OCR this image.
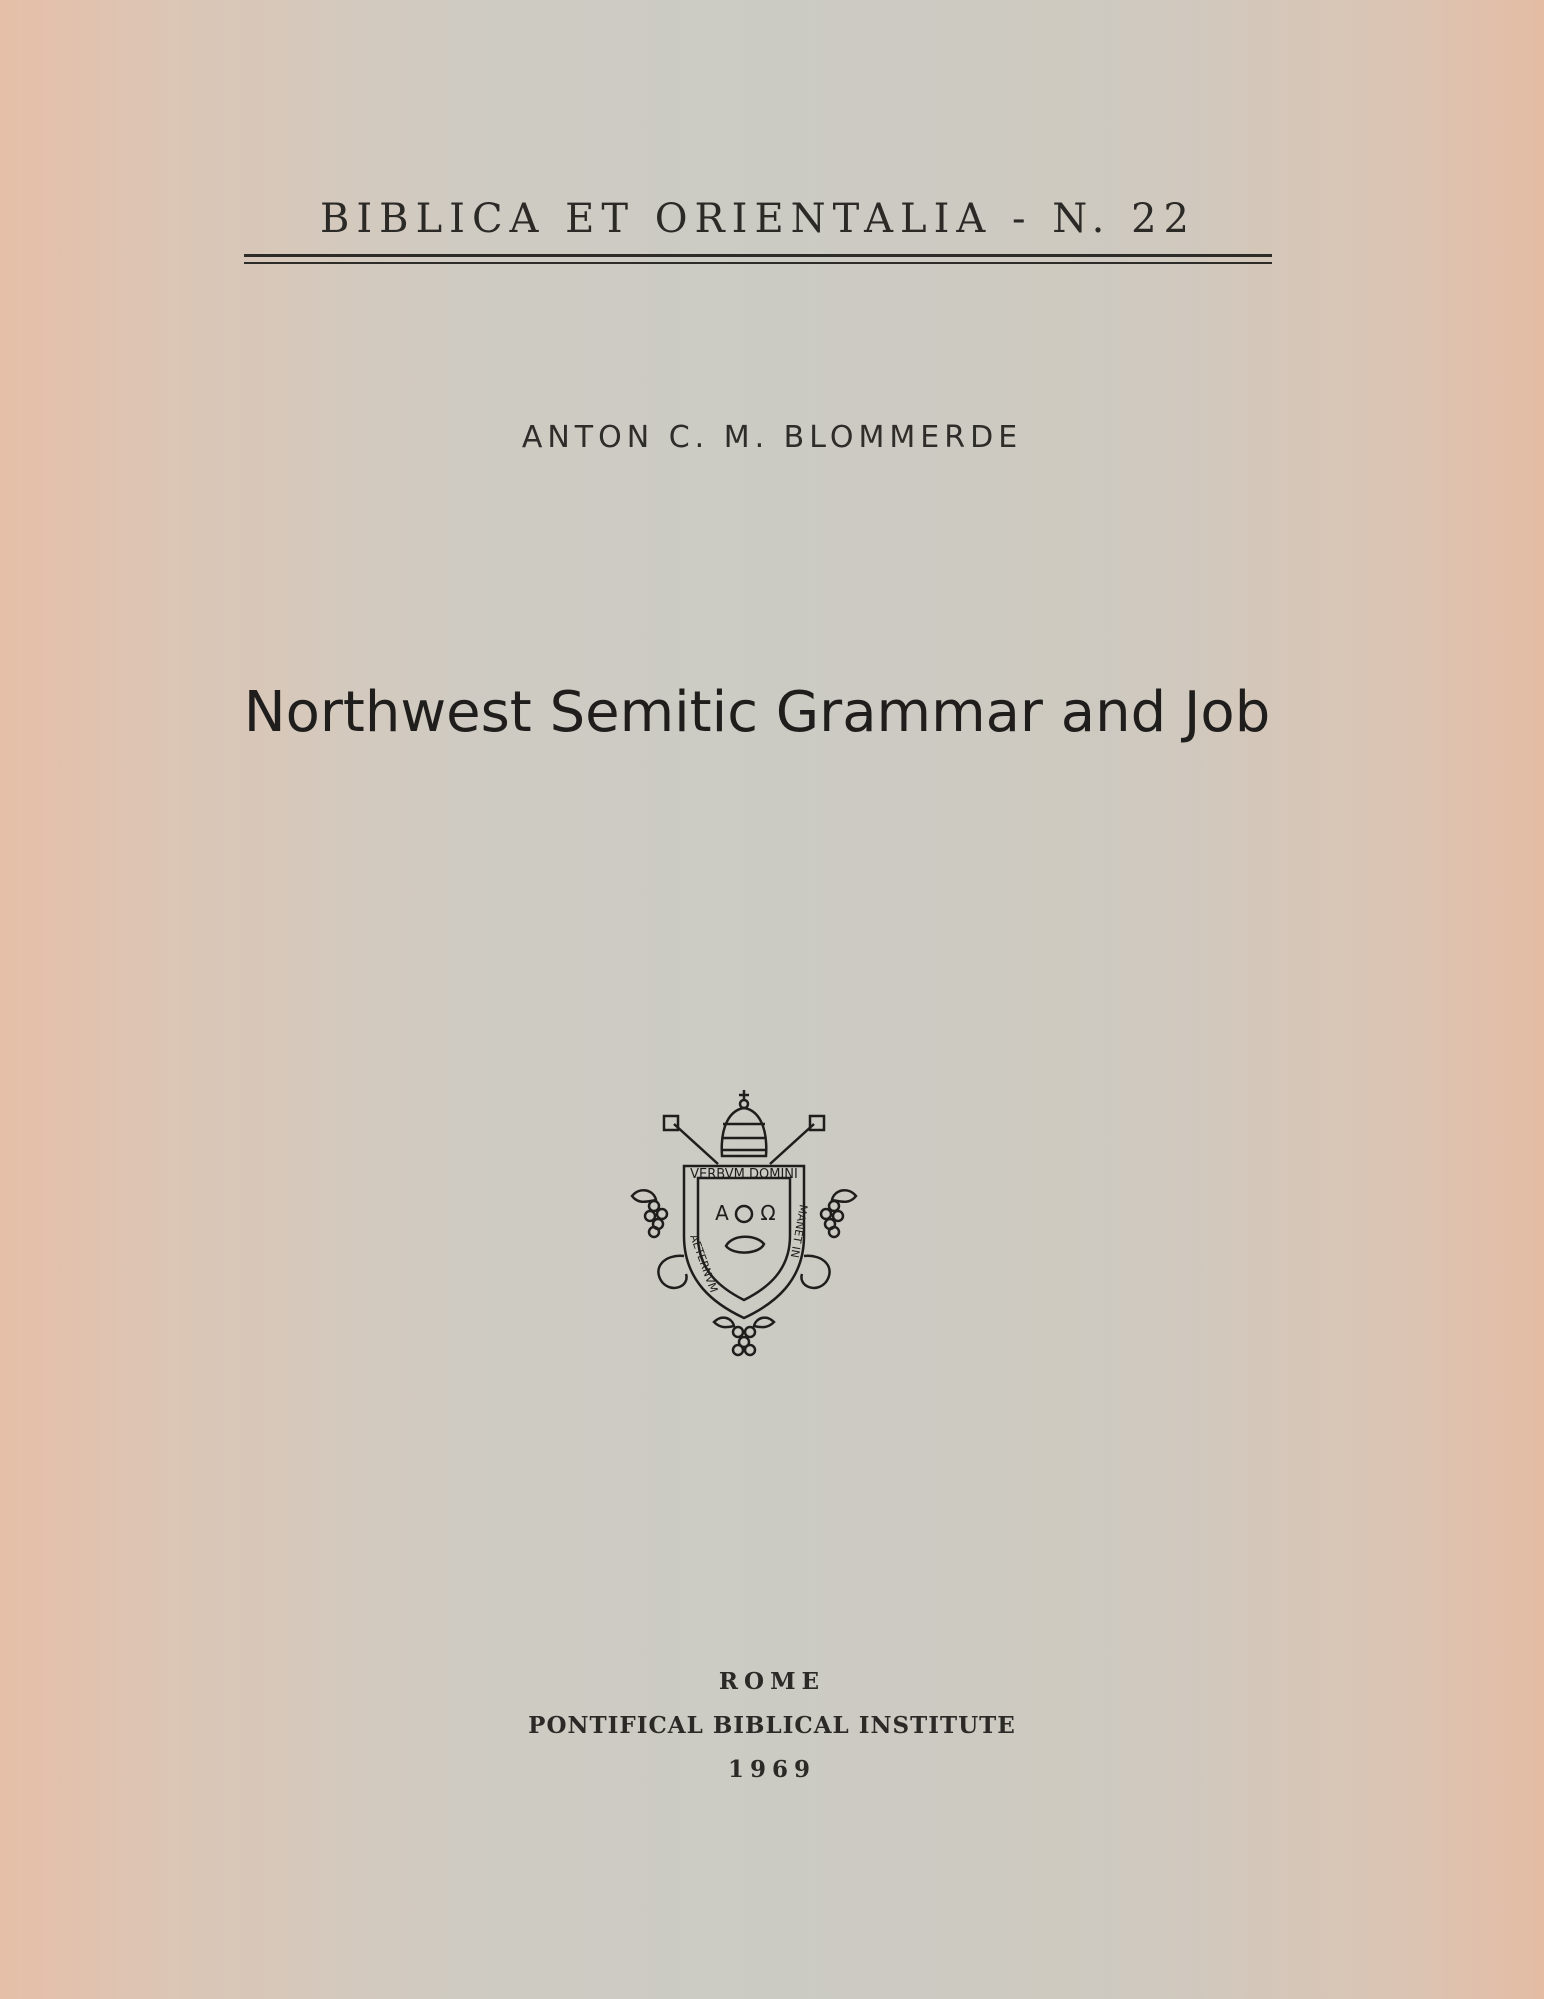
BIBLICA ET ORIENTALIA - N. 22
ANTON C. M. BLOMMERDE
Northwest Semitic Grammar and Job
VERBVM DOMINI
Α Ω
AETERNVM
MANET IN
ROME
PONTIFICAL BIBLICAL INSTITUTE
1969
